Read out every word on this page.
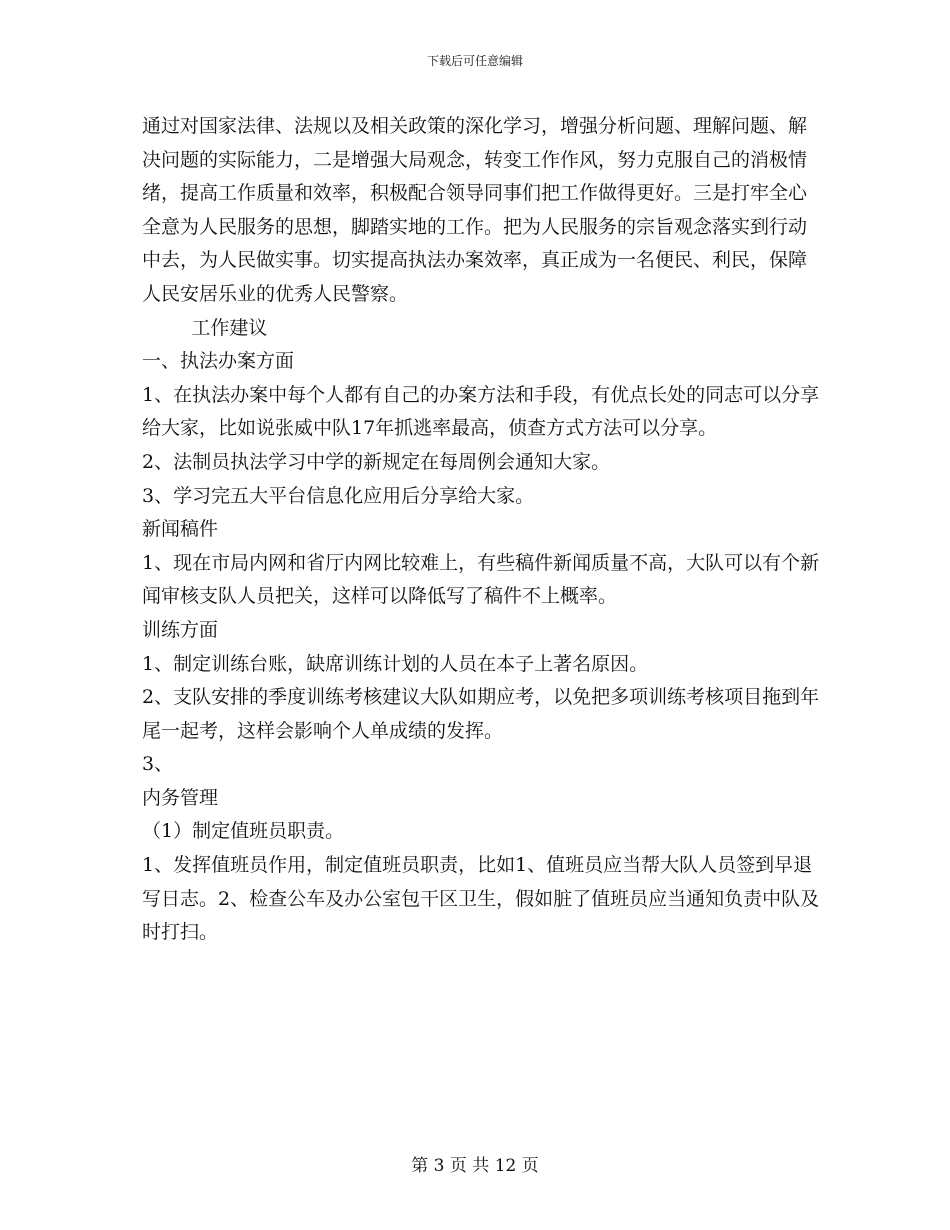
下载后可任意编辑

通过对国家法律、法规以及相关政策的深化学习，增强分析问题、理解问题、解决问题的实际能力，二是增强大局观念，转变工作作风，努力克服自己的消极情绪，提高工作质量和效率，积极配合领导同事们把工作做得更好。三是打牢全心全意为人民服务的思想，脚踏实地的工作。把为人民服务的宗旨观念落实到行动中去，为人民做实事。切实提高执法办案效率，真正成为一名便民、利民，保障人民安居乐业的优秀人民警察。

工作建议

一、执法办案方面

1、在执法办案中每个人都有自己的办案方法和手段，有优点长处的同志可以分享给大家，比如说张威中队17年抓逃率最高，侦查方式方法可以分享。

2、法制员执法学习中学的新规定在每周例会通知大家。

3、学习完五大平台信息化应用后分享给大家。

新闻稿件

1、现在市局内网和省厅内网比较难上，有些稿件新闻质量不高，大队可以有个新闻审核支队人员把关，这样可以降低写了稿件不上概率。

训练方面

1、制定训练台账，缺席训练计划的人员在本子上著名原因。

2、支队安排的季度训练考核建议大队如期应考，以免把多项训练考核项目拖到年尾一起考，这样会影响个人单成绩的发挥。

3、

内务管理

（1）制定值班员职责。

1、发挥值班员作用，制定值班员职责，比如1、值班员应当帮大队人员签到早退写日志。2、检查公车及办公室包干区卫生，假如脏了值班员应当通知负责中队及时打扫。

第 3 页 共 12 页
